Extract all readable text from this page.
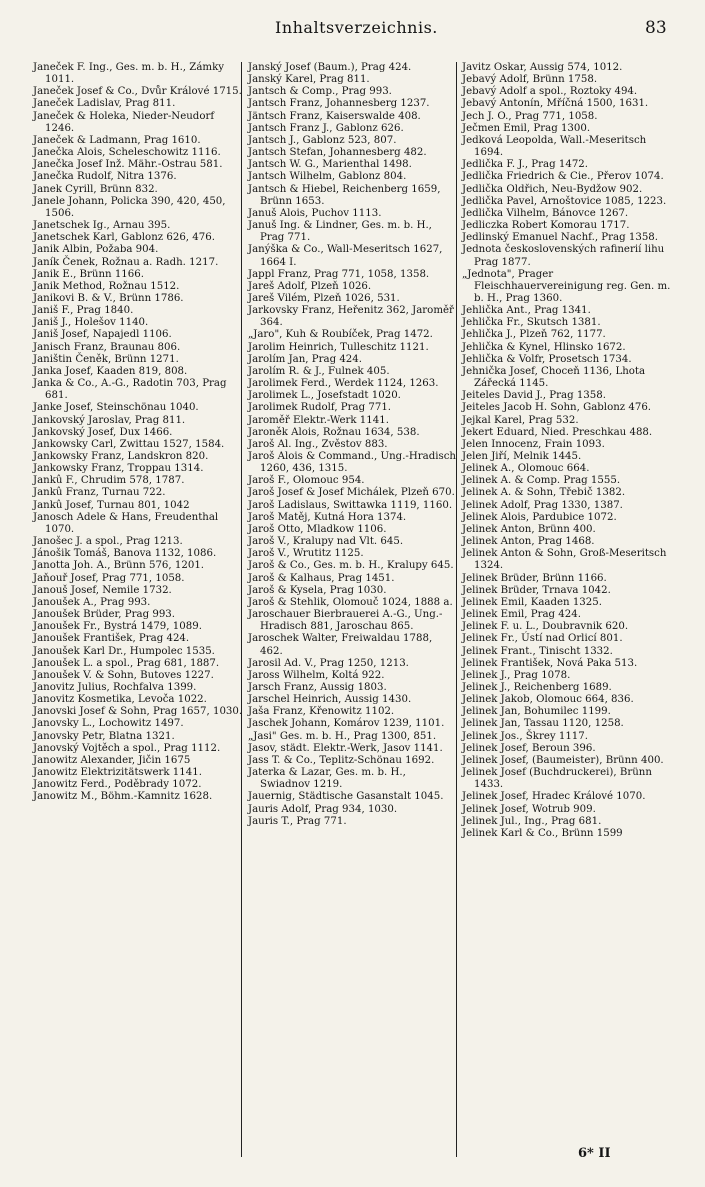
Inhaltsverzeichnis.	83
Janeček F. Ing., Ges. m. b. H., Zámky 1011.
Janeček Josef & Co., Dvůr Králové 1715.
Janeček Ladislav, Prag 811.
Janeček & Holeka, Nieder-Neudorf 1246.
Janeček & Ladmann, Prag 1610.
Janečka Alois, Scheleschowitz 1116.
Janečka Josef Inž. Mähr.-Ostrau 581.
Janečka Rudolf, Nitra 1376.
Janek Cyrill, Brünn 832.
Janele Johann, Policka 390, 420, 450, 1506.
Janetschek Ig., Arnau 395.
Janetschek Karl, Gablonz 626, 476.
Janik Albin, Požaba 904.
Janík Čenek, Rožnau a. Radh. 1217.
Janik E., Brünn 1166.
Janik Method, Rožnau 1512.
Janikovi B. & V., Brünn 1786.
Janiš F., Prag 1840.
Janiš J., Holešov 1140.
Janiš Josef, Napajedl 1106.
Janisch Franz, Braunau 806.
Janištin Čeněk, Brünn 1271.
Janka Josef, Kaaden 819, 808.
Janka & Co., A.-G., Radotin 703, Prag 681.
Janke Josef, Steinschönau 1040.
Jankovský Jaroslav, Prag 811.
Jankovský Josef, Dux 1466.
Jankowsky Carl, Zwittau 1527, 1584.
Jankowsky Franz, Landskron 820.
Jankowsky Franz, Troppau 1314.
Jankû F., Chrudim 578, 1787.
Jankû Franz, Turnau 722.
Jankû Josef, Turnau 801, 1042
Janosch Adele & Hans, Freudenthal 1070.
Janošec J. a spol., Prag 1213.
Jánošik Tomáš, Banova 1132, 1086.
Janotta Joh. A., Brünn 576, 1201.
Jaňouř Josef, Prag 771, 1058.
Janouš Josef, Nemile 1732.
Janoušek A., Prag 993.
Janoušek Brüder, Prag 993.
Janoušek Fr., Bystrá 1479, 1089.
Janoušek František, Prag 424.
Janoušek Karl Dr., Humpolec 1535.
Janoušek L. a spol., Prag 681, 1887.
Janoušek V. & Sohn, Butoves 1227.
Janovitz Julius, Rochfalva 1399.
Janovitz Kosmetika, Levoča 1022.
Janovski Josef & Sohn, Prag 1657, 1030.
Janovsky L., Lochowitz 1497.
Janovsky Petr, Blatna 1321.
Janovský Vojtěch a spol., Prag 1112.
Janowitz Alexander, Jičin 1675
Janowitz Elektrizitätswerk 1141.
Janowitz Ferd., Poděbrady 1072.
Janowitz M., Böhm.-Kamnitz 1628.
Janský Josef (Baum.), Prag 424.
Janský Karel, Prag 811.
Jantsch & Comp., Prag 993.
Jantsch Franz, Johannesberg 1237.
Jäntsch Franz, Kaiserswalde 408.
Jantsch Franz J., Gablonz 626.
Jantsch J., Gablonz 523, 807.
Jantsch Stefan, Johannesberg 482.
Jantsch W. G., Marienthal 1498.
Jantsch Wilhelm, Gablonz 804.
Jantsch & Hiebel, Reichenberg 1659, Brünn 1653.
Januš Alois, Puchov 1113.
Januš Ing. & Lindner, Ges. m. b. H., Prag 771.
Janýška & Co., Wall-Meseritsch 1627, 1664 I.
Jappl Franz, Prag 771, 1058, 1358.
Jareš Adolf, Plzeň 1026.
Jareš Vilém, Plzeň 1026, 531.
Jarkovsky Franz, Heřenitz 362, Jaroměř 364.
„Jaro", Kuh & Roubíček, Prag 1472.
Jarolim Heinrich, Tulleschitz 1121.
Jarolím Jan, Prag 424.
Jarolím R. & J., Fulnek 405.
Jarolimek Ferd., Werdek 1124, 1263.
Jarolimek L., Josefstadt 1020.
Jarolimek Rudolf, Prag 771.
Jaroměř Elektr.-Werk 1141.
Jaroněk Alois, Rožnau 1634, 538.
Jaroš Al. Ing., Zvěstov 883.
Jaroš Alois & Command., Ung.-Hradisch 1260, 436, 1315.
Jaroš F., Olomouc 954.
Jaroš Josef & Josef Michálek, Plzeň 670.
Jaroš Ladislaus, Swittawka 1119, 1160.
Jaroš Matěj, Kutná Hora 1374.
Jaroš Otto, Mladkow 1106.
Jaroš V., Kralupy nad Vlt. 645.
Jaroš V., Wrutitz 1125.
Jaroš & Co., Ges. m. b. H., Kralupy 645.
Jaroš & Kalhaus, Prag 1451.
Jaroš & Kysela, Prag 1030.
Jaroš & Stehlik, Olomouč 1024, 1888 a.
Jaroschauer Bierbrauerei A.-G., Ung.-Hradisch 881, Jaroschau 865.
Jaroschek Walter, Freiwaldau 1788, 462.
Jarosil Ad. V., Prag 1250, 1213.
Jaross Wilhelm, Koltá 922.
Jarsch Franz, Aussig 1803.
Jarschel Heinrich, Aussig 1430.
Jaša Franz, Křenowitz 1102.
Jaschek Johann, Komárov 1239, 1101.
„Jasi" Ges. m. b. H., Prag 1300, 851.
Jasov, städt. Elektr.-Werk, Jasov 1141.
Jass T. & Co., Teplitz-Schönau 1692.
Jaterka & Lazar, Ges. m. b. H., Swiadnov 1219.
Jauernig, Städtische Gasanstalt 1045.
Jauris Adolf, Prag 934, 1030.
Jauris T., Prag 771.
Javitz Oskar, Aussig 574, 1012.
Jebavý Adolf, Brünn 1758.
Jebavý Adolf a spol., Roztoky 494.
Jebavý Antonín, Mříčná 1500, 1631.
Jech J. O., Prag 771, 1058.
Ječmen Emil, Prag 1300.
Jedková Leopolda, Wall.-Meseritsch 1694.
Jedlička F. J., Prag 1472.
Jedlička Friedrich & Cie., Přerov 1074.
Jedlička Oldřich, Neu-Bydžow 902.
Jedlička Pavel, Arnoštovice 1085, 1223.
Jedlička Vilhelm, Bánovce 1267.
Jedliczka Robert Komorau 1717.
Jedlinský Emanuel Nachf., Prag 1358.
Jednota československých rafinerií lihu Prag 1877.
„Jednota", Prager Fleischhauervereinigung reg. Gen. m. b. H., Prag 1360.
Jehlička Ant., Prag 1341.
Jehlička Fr., Skutsch 1381.
Jehlička J., Plzeň 762, 1177.
Jehlička & Kynel, Hlinsko 1672.
Jehlička & Volfr, Prosetsch 1734.
Jehnička Josef, Choceň 1136, Lhota Zářecká 1145.
Jeiteles David J., Prag 1358.
Jeiteles Jacob H. Sohn, Gablonz 476.
Jejkal Karel, Prag 532.
Jekert Eduard, Nied. Preschkau 488.
Jelen Innocenz, Frain 1093.
Jelen Jiří, Melnik 1445.
Jelinek A., Olomouc 664.
Jelinek A. & Comp. Prag 1555.
Jelinek A. & Sohn, Třebič 1382.
Jelinek Adolf, Prag 1330, 1387.
Jelinek Alois, Pardubice 1072.
Jelinek Anton, Brünn 400.
Jelinek Anton, Prag 1468.
Jelinek Anton & Sohn, Groß-Meseritsch 1324.
Jelinek Brüder, Brünn 1166.
Jelinek Brüder, Trnava 1042.
Jelinek Emil, Kaaden 1325.
Jelinek Emil, Prag 424.
Jelinek F. u. L., Doubravnik 620.
Jelinek Fr., Ústí nad Orlicí 801.
Jelinek Frant., Tinischt 1332.
Jelinek František, Nová Paka 513.
Jelinek J., Prag 1078.
Jelinek J., Reichenberg 1689.
Jelinek Jakob, Olomouc 664, 836.
Jelinek Jan, Bohumilec 1199.
Jelinek Jan, Tassau 1120, 1258.
Jelinek Jos., Škrey 1117.
Jelinek Josef, Beroun 396.
Jelinek Josef, (Baumeister), Brünn 400.
Jelinek Josef (Buchdruckerei), Brünn 1433.
Jelinek Josef, Hradec Králové 1070.
Jelinek Josef, Wotrub 909.
Jelinek Jul., Ing., Prag 681.
Jelinek Karl & Co., Brünn 1599
6* II
